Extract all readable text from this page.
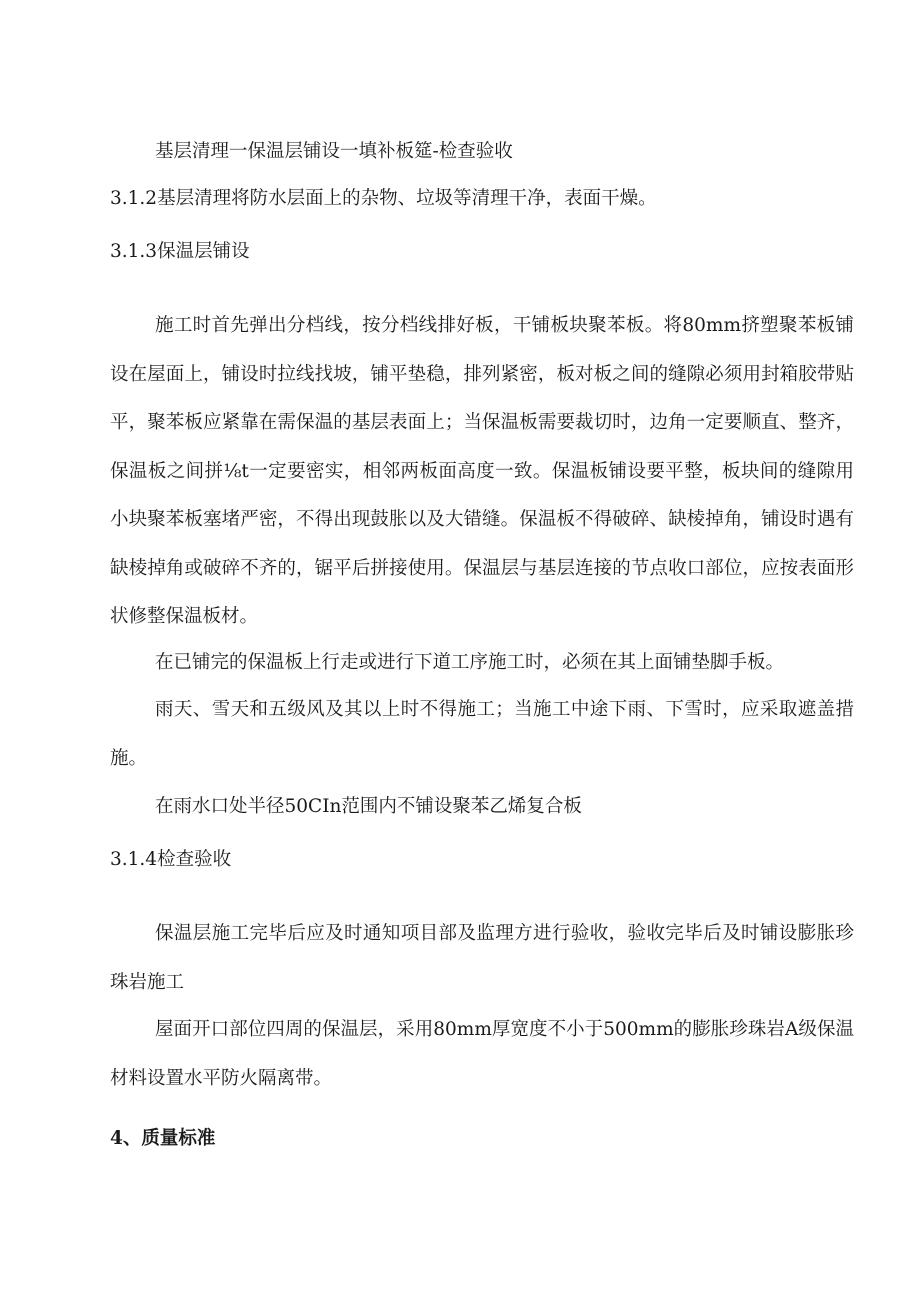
基层清理一保温层铺设一填补板筵-检查验收
3.1.2基层清理将防水层面上的杂物、垃圾等清理干净，表面干燥。
3.1.3保温层铺设
施工时首先弹出分档线，按分档线排好板，干铺板块聚苯板。将80mm挤塑聚苯板铺设在屋面上，铺设时拉线找坡，铺平垫稳，排列紧密，板对板之间的缝隙必须用封箱胶带贴平，聚苯板应紧靠在需保温的基层表面上；当保温板需要裁切时，边角一定要顺直、整齐，保温板之间拼⅛t一定要密实，相邻两板面高度一致。保温板铺设要平整，板块间的缝隙用小块聚苯板塞堵严密，不得出现鼓胀以及大错缝。保温板不得破碎、缺棱掉角，铺设时遇有缺棱掉角或破碎不齐的，锯平后拼接使用。保温层与基层连接的节点收口部位，应按表面形状修整保温板材。
在已铺完的保温板上行走或进行下道工序施工时，必须在其上面铺垫脚手板。
雨天、雪天和五级风及其以上时不得施工；当施工中途下雨、下雪时，应采取遮盖措施。
在雨水口处半径50CIn范围内不铺设聚苯乙烯复合板
3.1.4检查验收
保温层施工完毕后应及时通知项目部及监理方进行验收，验收完毕后及时铺设膨胀珍珠岩施工
屋面开口部位四周的保温层，采用80mm厚宽度不小于500mm的膨胀珍珠岩A级保温材料设置水平防火隔离带。
4、质量标准
